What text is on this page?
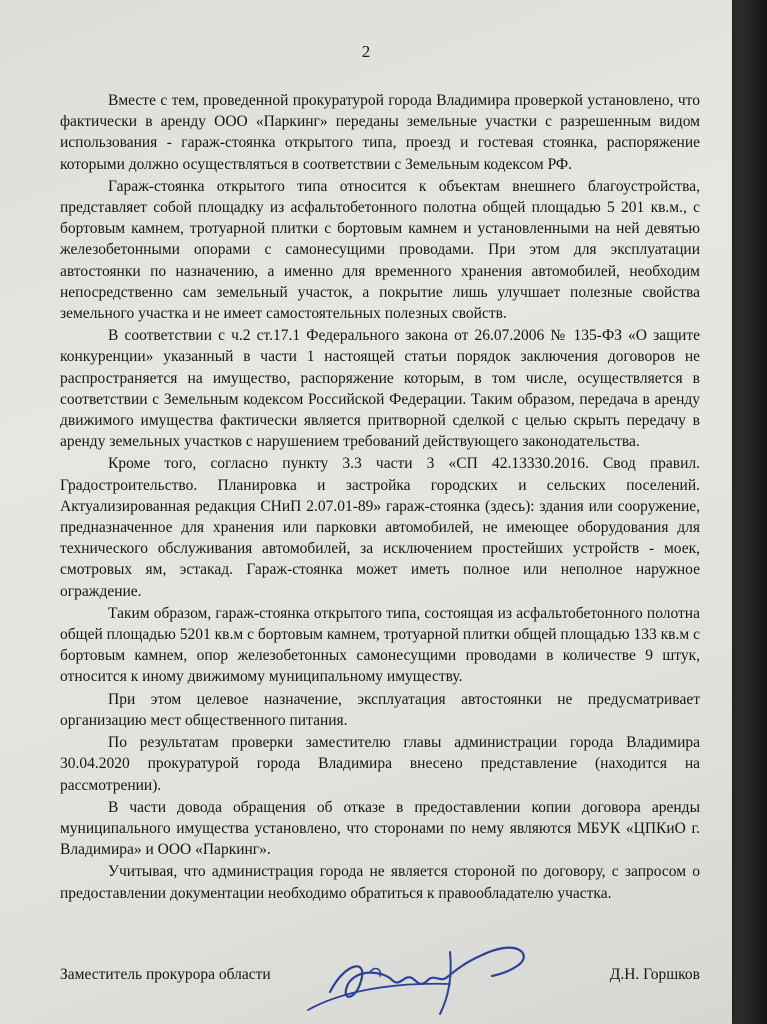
2

Вместе с тем, проведенной прокуратурой города Владимира проверкой установлено, что фактически в аренду ООО «Паркинг» переданы земельные участки с разрешенным видом использования - гараж-стоянка открытого типа, проезд и гостевая стоянка, распоряжение которыми должно осуществляться в соответствии с Земельным кодексом РФ.

Гараж-стоянка открытого типа относится к объектам внешнего благоустройства, представляет собой площадку из асфальтобетонного полотна общей площадью 5 201 кв.м., с бортовым камнем, тротуарной плитки с бортовым камнем и установленными на ней девятью железобетонными опорами с самонесущими проводами. При этом для эксплуатации автостоянки по назначению, а именно для временного хранения автомобилей, необходим непосредственно сам земельный участок, а покрытие лишь улучшает полезные свойства земельного участка и не имеет самостоятельных полезных свойств.

В соответствии с ч.2 ст.17.1 Федерального закона от 26.07.2006 № 135-ФЗ «О защите конкуренции» указанный в части 1 настоящей статьи порядок заключения договоров не распространяется на имущество, распоряжение которым, в том числе, осуществляется в соответствии с Земельным кодексом Российской Федерации. Таким образом, передача в аренду движимого имущества фактически является притворной сделкой с целью скрыть передачу в аренду земельных участков с нарушением требований действующего законодательства.

Кроме того, согласно пункту 3.3 части 3 «СП 42.13330.2016. Свод правил. Градостроительство. Планировка и застройка городских и сельских поселений. Актуализированная редакция СНиП 2.07.01-89» гараж-стоянка (здесь): здания или сооружение, предназначенное для хранения или парковки автомобилей, не имеющее оборудования для технического обслуживания автомобилей, за исключением простейших устройств - моек, смотровых ям, эстакад. Гараж-стоянка может иметь полное или неполное наружное ограждение.

Таким образом, гараж-стоянка открытого типа, состоящая из асфальтобетонного полотна общей площадью 5201 кв.м с бортовым камнем, тротуарной плитки общей площадью 133 кв.м с бортовым камнем, опор железобетонных самонесущими проводами в количестве 9 штук, относится к иному движимому муниципальному имуществу.

При этом целевое назначение, эксплуатация автостоянки не предусматривает организацию мест общественного питания.

По результатам проверки заместителю главы администрации города Владимира 30.04.2020 прокуратурой города Владимира внесено представление (находится на рассмотрении).

В части довода обращения об отказе в предоставлении копии договора аренды муниципального имущества установлено, что сторонами по нему являются МБУК «ЦПКиО г. Владимира» и ООО «Паркинг».

Учитывая, что администрация города не является стороной по договору, с запросом о предоставлении документации необходимо обратиться к правообладателю участка.

Заместитель прокурора области	Д.Н. Горшков
